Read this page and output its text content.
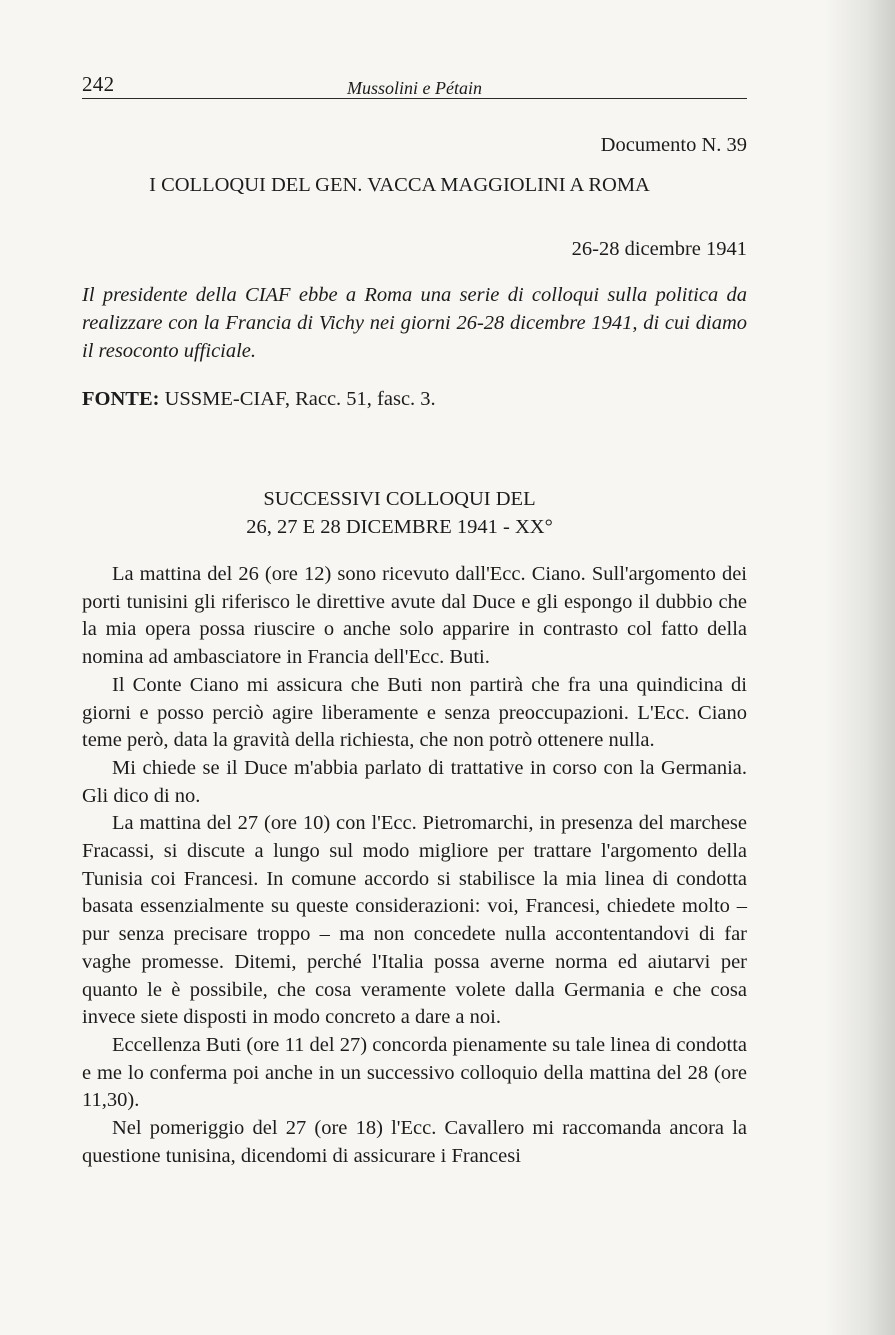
242	Mussolini e Pétain
Documento N. 39
I COLLOQUI DEL GEN. VACCA MAGGIOLINI A ROMA
26-28 dicembre 1941

Il presidente della CIAF ebbe a Roma una serie di colloqui sulla politica da realizzare con la Francia di Vichy nei giorni 26-28 dicembre 1941, di cui diamo il resoconto ufficiale.

FONTE: USSME-CIAF, Racc. 51, fasc. 3.
SUCCESSIVI COLLOQUI DEL
26, 27 E 28 DICEMBRE 1941 - XX°

La mattina del 26 (ore 12) sono ricevuto dall'Ecc. Ciano. Sull'argomento dei porti tunisini gli riferisco le direttive avute dal Duce e gli espongo il dubbio che la mia opera possa riuscire o anche solo apparire in contrasto col fatto della nomina ad ambasciatore in Francia dell'Ecc. Buti.

Il Conte Ciano mi assicura che Buti non partirà che fra una quindicina di giorni e posso perciò agire liberamente e senza preoccupazioni. L'Ecc. Ciano teme però, data la gravità della richiesta, che non potrò ottenere nulla.

Mi chiede se il Duce m'abbia parlato di trattative in corso con la Germania. Gli dico di no.

La mattina del 27 (ore 10) con l'Ecc. Pietromarchi, in presenza del marchese Fracassi, si discute a lungo sul modo migliore per trattare l'argomento della Tunisia coi Francesi. In comune accordo si stabilisce la mia linea di condotta basata essenzialmente su queste considerazioni: voi, Francesi, chiedete molto – pur senza precisare troppo – ma non concedete nulla accontentandovi di far vaghe promesse. Ditemi, perché l'Italia possa averne norma ed aiutarvi per quanto le è possibile, che cosa veramente volete dalla Germania e che cosa invece siete disposti in modo concreto a dare a noi.

Eccellenza Buti (ore 11 del 27) concorda pienamente su tale linea di condotta e me lo conferma poi anche in un successivo colloquio della mattina del 28 (ore 11,30).

Nel pomeriggio del 27 (ore 18) l'Ecc. Cavallero mi raccomanda ancora la questione tunisina, dicendomi di assicurare i Francesi
